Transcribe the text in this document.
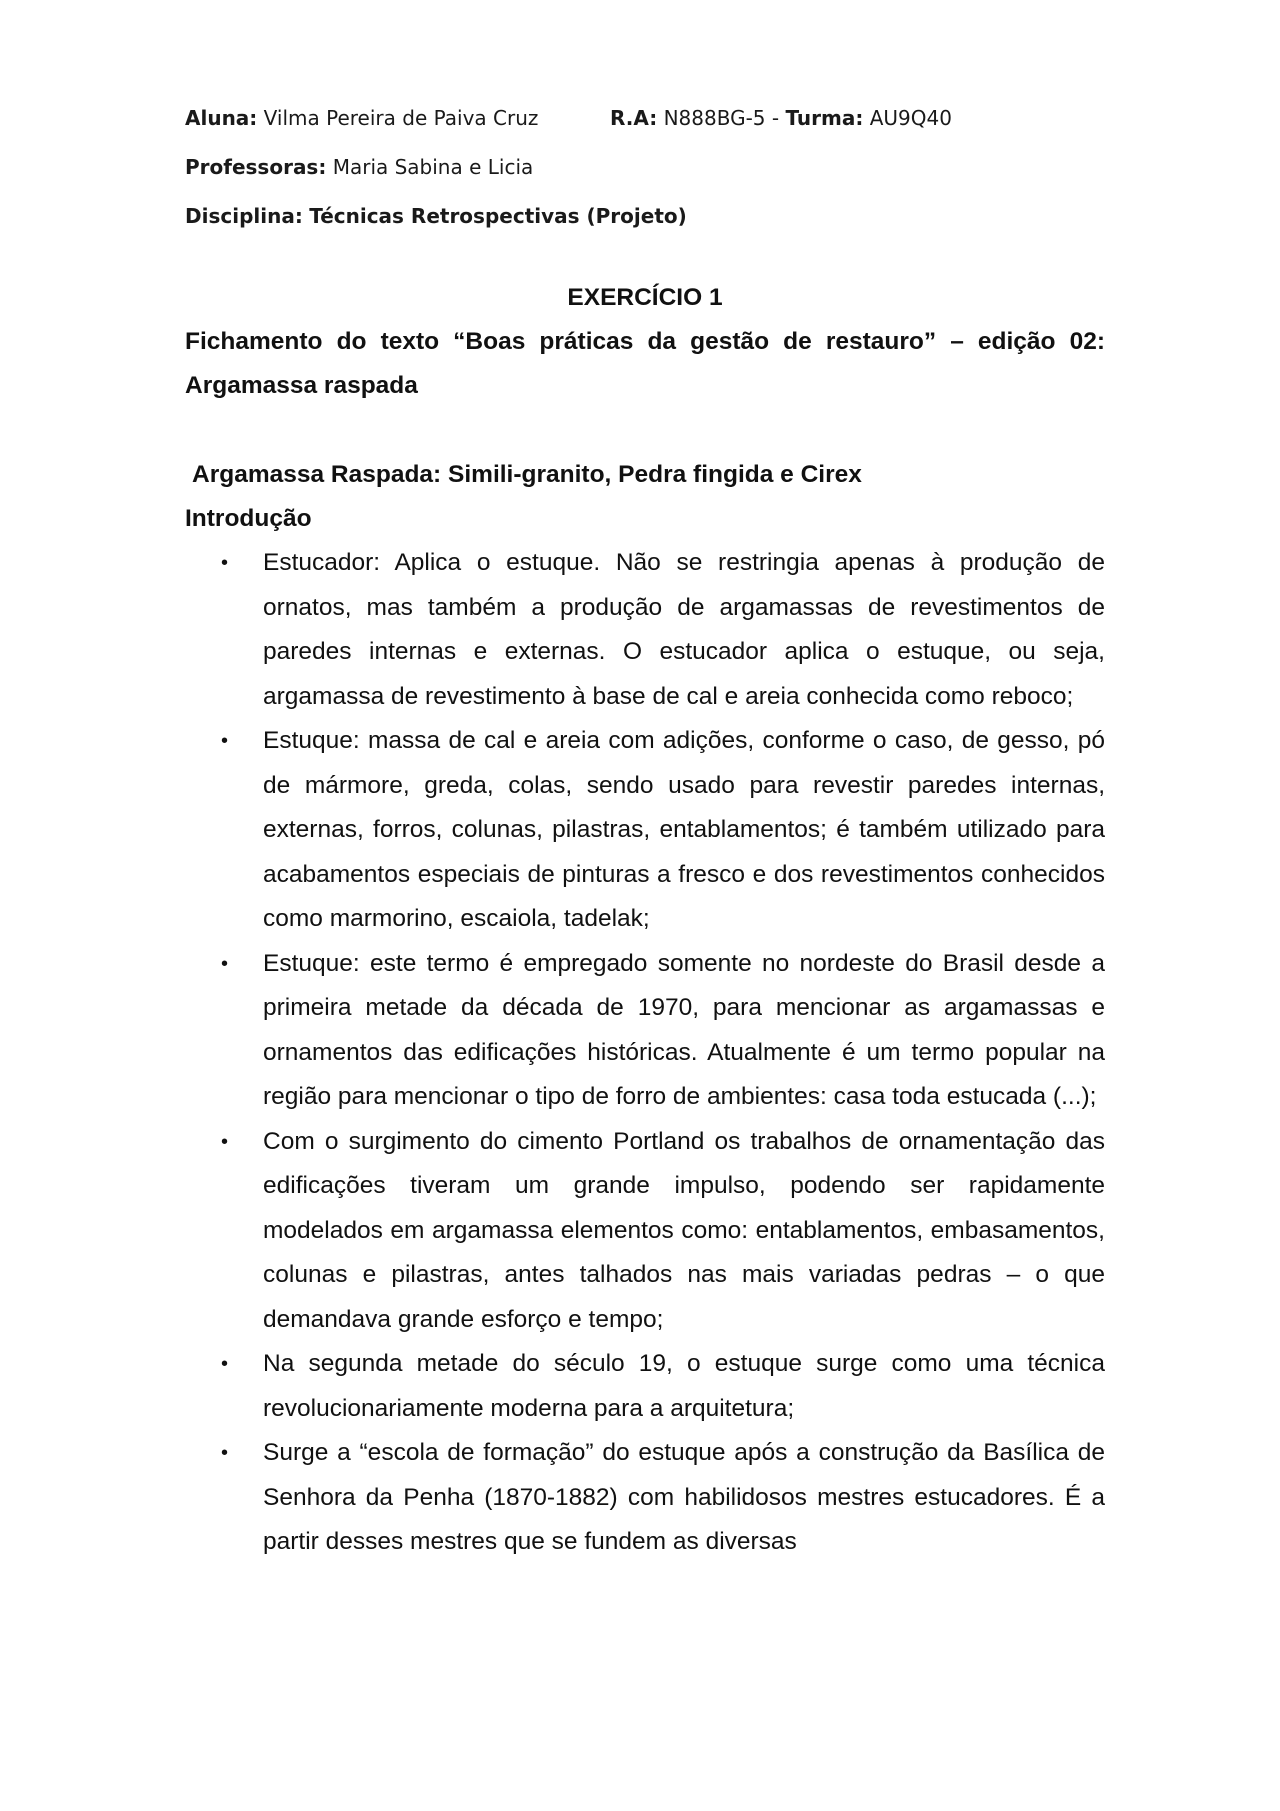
Aluna: Vilma Pereira de Paiva Cruz	R.A: N888BG-5 - Turma: AU9Q40
Professoras: Maria Sabina e Licia
Disciplina: Técnicas Retrospectivas (Projeto)

EXERCÍCIO 1

Fichamento do texto “Boas práticas da gestão de restauro” – edição 02: Argamassa raspada

Argamassa Raspada: Simili-granito, Pedra fingida e Cirex

Introdução

• Estucador: Aplica o estuque. Não se restringia apenas à produção de ornatos, mas também a produção de argamassas de revestimentos de paredes internas e externas. O estucador aplica o estuque, ou seja, argamassa de revestimento à base de cal e areia conhecida como reboco;
• Estuque: massa de cal e areia com adições, conforme o caso, de gesso, pó de mármore, greda, colas, sendo usado para revestir paredes internas, externas, forros, colunas, pilastras, entablamentos; é também utilizado para acabamentos especiais de pinturas a fresco e dos revestimentos conhecidos como marmorino, escaiola, tadelak;
• Estuque: este termo é empregado somente no nordeste do Brasil desde a primeira metade da década de 1970, para mencionar as argamassas e ornamentos das edificações históricas. Atualmente é um termo popular na região para mencionar o tipo de forro de ambientes: casa toda estucada (...);
• Com o surgimento do cimento Portland os trabalhos de ornamentação das edificações tiveram um grande impulso, podendo ser rapidamente modelados em argamassa elementos como: entablamentos, embasamentos, colunas e pilastras, antes talhados nas mais variadas pedras – o que demandava grande esforço e tempo;
• Na segunda metade do século 19, o estuque surge como uma técnica revolucionariamente moderna para a arquitetura;
• Surge a “escola de formação” do estuque após a construção da Basílica de Senhora da Penha (1870-1882) com habilidosos mestres estucadores. É a partir desses mestres que se fundem as diversas
